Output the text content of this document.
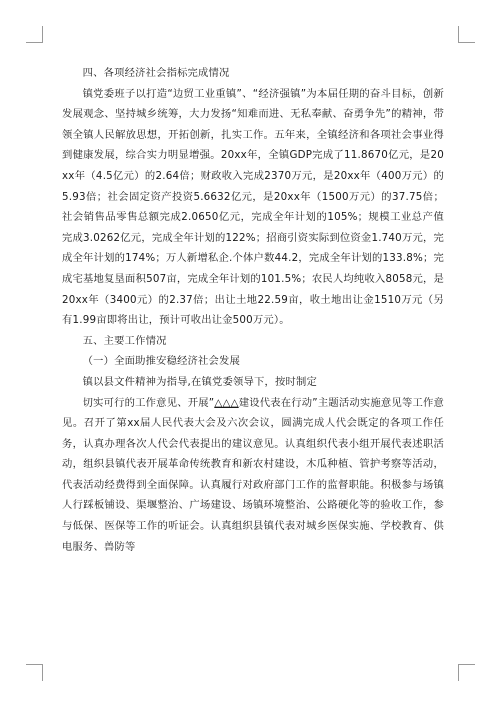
四、各项经济社会指标完成情况

镇党委班子以打造“边贸工业重镇”、“经济强镇”为本届任期的奋斗目标，创新发展观念、坚持城乡统筹，大力发扬“知难而进、无私奉献、奋勇争先”的精神，带领全镇人民解放思想，开拓创新，扎实工作。五年来，全镇经济和各项社会事业得到健康发展，综合实力明显增强。20xx年，全镇GDP完成了11.8670亿元，是20xx年（4.5亿元）的2.64倍；财政收入完成2370万元，是20xx年（400万元）的5.93倍；社会固定资产投资5.6632亿元，是20xx年（1500万元）的37.75倍；社会销售品零售总额完成2.0650亿元，完成全年计划的105%；规模工业总产值完成3.0262亿元，完成全年计划的122%；招商引资实际到位资金1.740万元，完成全年计划的174%；万人新增私企.个体户数44.2，完成全年计划的133.8%；完成宅基地复垦面积507亩，完成全年计划的101.5%；农民人均纯收入8058元，是20xx年（3400元）的2.37倍；出让土地22.59亩，收土地出让金1510万元（另有1.99亩即将出让，预计可收出让金500万元）。

五、主要工作情况

（一）全面助推安稳经济社会发展

镇以县文件精神为指导,在镇党委领导下，按时制定

切实可行的工作意见、开展”△△△建设代表在行动”主题活动实施意见等工作意见。召开了第xx届人民代表大会及六次会议，圆满完成人代会既定的各项工作任务，认真办理各次人代会代表提出的建议意见。认真组织代表小组开展代表述职活动，组织县镇代表开展革命传统教育和新农村建设，木瓜种植、管护考察等活动，代表活动经费得到全面保障。认真履行对政府部门工作的监督职能。积极参与场镇人行踩板铺设、渠堰整治、广场建设、场镇环境整治、公路硬化等的验收工作，参与低保、医保等工作的听证会。认真组织县镇代表对城乡医保实施、学校教育、供电服务、兽防等
